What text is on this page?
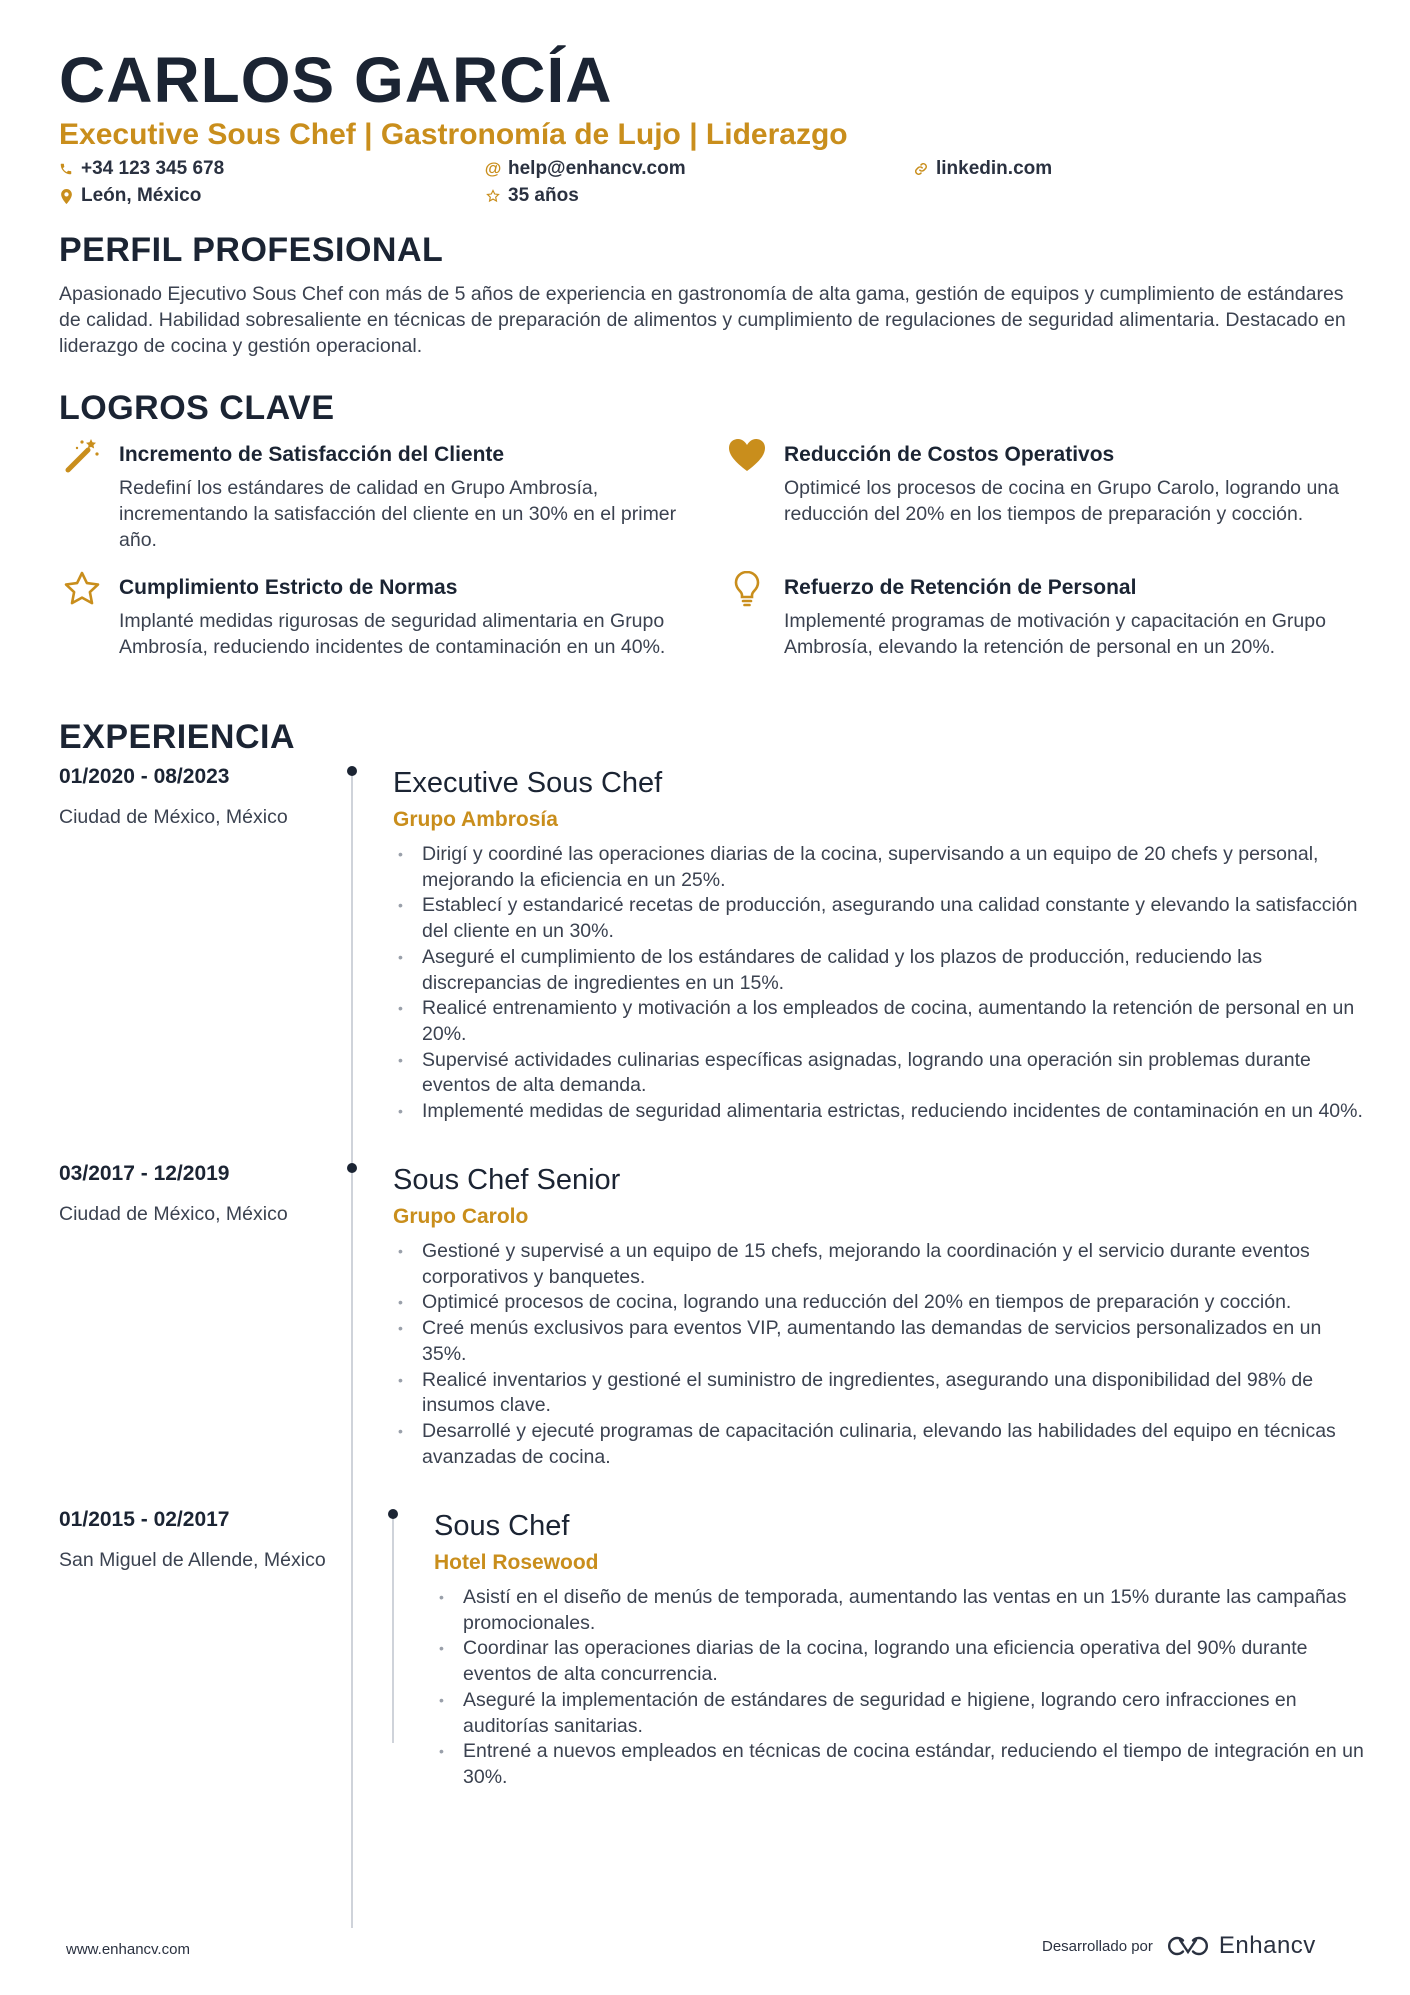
CARLOS GARCÍA
Executive Sous Chef | Gastronomía de Lujo | Liderazgo
+34 123 345 678	@ help@enhancv.com	linkedin.com
León, México	35 años
PERFIL PROFESIONAL
Apasionado Ejecutivo Sous Chef con más de 5 años de experiencia en gastronomía de alta gama, gestión de equipos y cumplimiento de estándares de calidad. Habilidad sobresaliente en técnicas de preparación de alimentos y cumplimiento de regulaciones de seguridad alimentaria. Destacado en liderazgo de cocina y gestión operacional.
LOGROS CLAVE
Incremento de Satisfacción del Cliente
Redefiní los estándares de calidad en Grupo Ambrosía, incrementando la satisfacción del cliente en un 30% en el primer año.
Reducción de Costos Operativos
Optimicé los procesos de cocina en Grupo Carolo, logrando una reducción del 20% en los tiempos de preparación y cocción.
Cumplimiento Estricto de Normas
Implanté medidas rigurosas de seguridad alimentaria en Grupo Ambrosía, reduciendo incidentes de contaminación en un 40%.
Refuerzo de Retención de Personal
Implementé programas de motivación y capacitación en Grupo Ambrosía, elevando la retención de personal en un 20%.
EXPERIENCIA
01/2020 - 08/2023
Ciudad de México, México
Executive Sous Chef
Grupo Ambrosía
• Dirigí y coordiné las operaciones diarias de la cocina, supervisando a un equipo de 20 chefs y personal, mejorando la eficiencia en un 25%.
• Establecí y estandaricé recetas de producción, asegurando una calidad constante y elevando la satisfacción del cliente en un 30%.
• Aseguré el cumplimiento de los estándares de calidad y los plazos de producción, reduciendo las discrepancias de ingredientes en un 15%.
• Realicé entrenamiento y motivación a los empleados de cocina, aumentando la retención de personal en un 20%.
• Supervisé actividades culinarias específicas asignadas, logrando una operación sin problemas durante eventos de alta demanda.
• Implementé medidas de seguridad alimentaria estrictas, reduciendo incidentes de contaminación en un 40%.
03/2017 - 12/2019
Ciudad de México, México
Sous Chef Senior
Grupo Carolo
• Gestioné y supervisé a un equipo de 15 chefs, mejorando la coordinación y el servicio durante eventos corporativos y banquetes.
• Optimicé procesos de cocina, logrando una reducción del 20% en tiempos de preparación y cocción.
• Creé menús exclusivos para eventos VIP, aumentando las demandas de servicios personalizados en un 35%.
• Realicé inventarios y gestioné el suministro de ingredientes, asegurando una disponibilidad del 98% de insumos clave.
• Desarrollé y ejecuté programas de capacitación culinaria, elevando las habilidades del equipo en técnicas avanzadas de cocina.
01/2015 - 02/2017
San Miguel de Allende, México
Sous Chef
Hotel Rosewood
• Asistí en el diseño de menús de temporada, aumentando las ventas en un 15% durante las campañas promocionales.
• Coordinar las operaciones diarias de la cocina, logrando una eficiencia operativa del 90% durante eventos de alta concurrencia.
• Aseguré la implementación de estándares de seguridad e higiene, logrando cero infracciones en auditorías sanitarias.
• Entrené a nuevos empleados en técnicas de cocina estándar, reduciendo el tiempo de integración en un 30%.
www.enhancv.com	Desarrollado por	Enhancv
